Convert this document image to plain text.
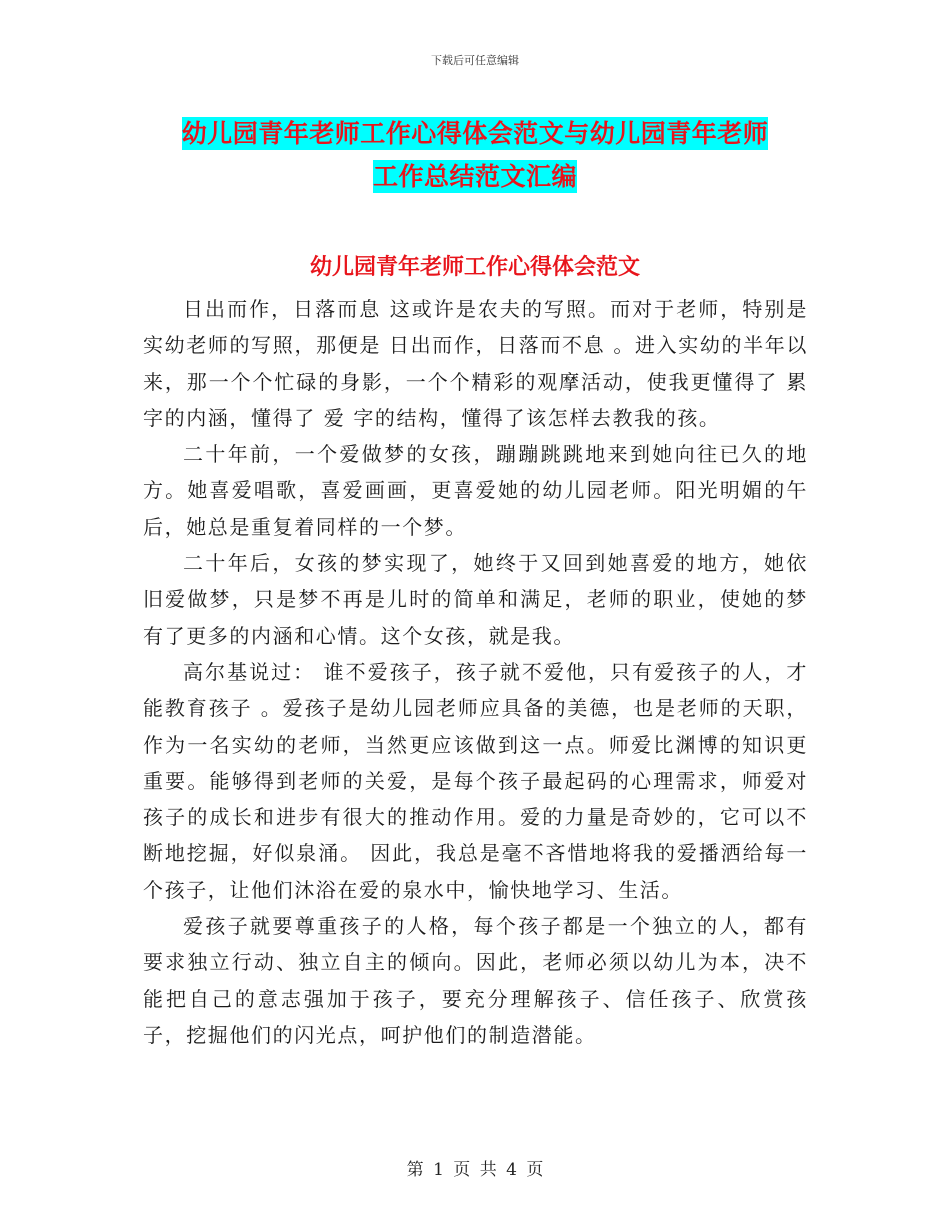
下载后可任意编辑
幼儿园青年老师工作心得体会范文与幼儿园青年老师
工作总结范文汇编
幼儿园青年老师工作心得体会范文

日出而作，日落而息 这或许是农夫的写照。而对于老师，特别是实幼老师的写照，那便是 日出而作，日落而不息 。进入实幼的半年以来，那一个个忙碌的身影，一个个精彩的观摩活动，使我更懂得了 累 字的内涵，懂得了 爱 字的结构，懂得了该怎样去教我的孩。

二十年前，一个爱做梦的女孩，蹦蹦跳跳地来到她向往已久的地方。她喜爱唱歌，喜爱画画，更喜爱她的幼儿园老师。阳光明媚的午后，她总是重复着同样的一个梦。

二十年后，女孩的梦实现了，她终于又回到她喜爱的地方，她依旧爱做梦，只是梦不再是儿时的简单和满足，老师的职业，使她的梦有了更多的内涵和心情。这个女孩，就是我。

高尔基说过： 谁不爱孩子，孩子就不爱他，只有爱孩子的人，才能教育孩子 。爱孩子是幼儿园老师应具备的美德，也是老师的天职，作为一名实幼的老师，当然更应该做到这一点。师爱比渊博的知识更重要。能够得到老师的关爱，是每个孩子最起码的心理需求，师爱对孩子的成长和进步有很大的推动作用。爱的力量是奇妙的，它可以不断地挖掘，好似泉涌。 因此，我总是毫不吝惜地将我的爱播洒给每一个孩子，让他们沐浴在爱的泉水中，愉快地学习、生活。

爱孩子就要尊重孩子的人格，每个孩子都是一个独立的人，都有要求独立行动、独立自主的倾向。因此，老师必须以幼儿为本，决不能把自己的意志强加于孩子，要充分理解孩子、信任孩子、欣赏孩子，挖掘他们的闪光点，呵护他们的制造潜能。

第 1 页 共 4 页
